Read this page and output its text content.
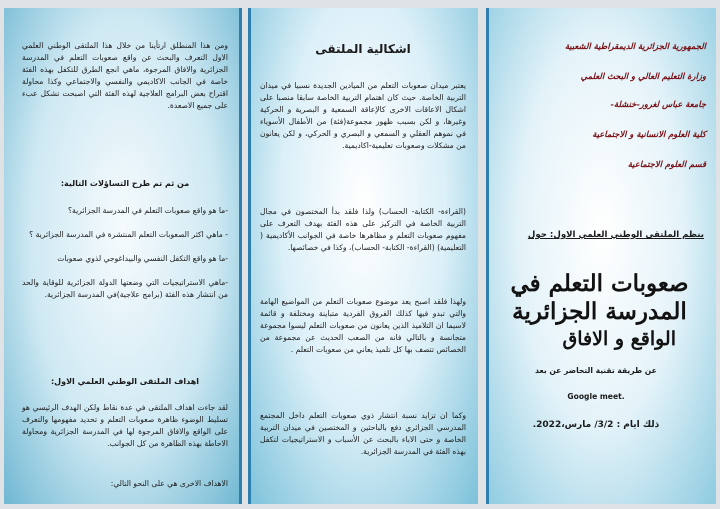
ومن هذا المنطلق ارتأينا من خلال هذا الملتقى الوطني العلمي الاول التعرف والبحث عن واقع صعوبات التعلم في المدرسة الجزائرية والافاق المرجوة، ماهي انجع الطرق للتكفل بهذه الفئة خاصة في الجانب الاكاديمي والنفسي والاجتماعي وكذا محاولة اقتراح بعض البرامج العلاجية لهذه الفئة التي اصبحت تشكل عبء على جميع الاصعدة.

من ثم تم طرح التساؤلات التالية:

-ما هو واقع صعوبات التعلم في المدرسة الجزائرية؟

- ماهي اكثر الصعوبات التعلم المنتشرة في المدرسة الجزائرية ؟

-ما هو واقع التكفل النفسي والبيداغوجي لذوي صعوبات

-ماهي الاستراتيجيات التي وضعتها الدولة الجزائرية للوقاية والحد من انتشار هذه الفئة (برامج علاجية)في المدرسة الجزائرية.

اهداف الملتقى الوطني العلمي الاول:

لقد جاءت اهداف الملتقى في عدة نقاط ولكن الهدف الرئيسي هو تسليط الوضوء ظاهرة صعوبات التعلم و تحديد مفهومها والتعرف على الواقع والافاق المرجوة لها في المدرسة الجزائرية ومحاولة الاحاطة بهذه الظاهرة من كل الجوانب.

الاهداف الاخرى هي على النحو التالي:

اشكالية الملتقى

يعتبر ميدان صعوبات التعلم من الميادين الجديدة نسبيا في ميدان التربية الخاصة. حيث كان اهتمام التربية الخاصة سابقا منصبا على اشكال الاعاقات الاخرى كالإعاقة السمعية و البصرية و الحركية وغيرها، و لكن بسبب ظهور مجموعة(فئة) من الأطفال الأسوياء في نموهم العقلي و السمعي و البصري و الحركي، و لكن يعانون من مشكلات وصعوبات تعليمية-اكاديمية.

(القراءة- الكتابة- الحساب) ولذا فلقد بدأ المختصون في مجال التربية الخاصة في التركيز على هذه الفئة بهدف التعرف على مفهوم صعوبات التعلم و مظاهرها خاصة في الجوانب الأكاديمية ( التعليمية) (القراءة- الكتابة- الحساب)، وكذا في خصائصها.

ولهذا فلقد اصبح يعد موضوع صعوبات التعلم من المواضيع الهامة والتي تبدو فيها كذلك الفروق الفردية متباينة ومختلفة و قائمة لاسيما ان التلاميذ الذين يعانون من صعوبات التعلم ليسوا مجموعة متجانسة و بالتالي فانه من الصعب الحديث عن مجموعة من الخصائص تتصف بها كل تلميذ يعاني من صعوبات التعلم .

وكما ان تزايد نسبة انتشار ذوي صعوبات التعلم داخل المجتمع المدرسي الجزائري دفع بالباحثين و المختصين في ميدان التربية الخاصة و حتى الاباء بالبحث عن الأسباب و الاستراتيجيات لتكفل بهذه الفئة في المدرسة الجزائرية.

الجمهورية الجزائرية الديمقراطية الشعبية
وزارة التعليم العالي و البحث العلمي
جامعة عباس لغرور-خنشلة-
كلية العلوم الانسانية و الاجتماعية
قسم العلوم الاجتماعية
ينظم الملتقى الوطني العلمي الاول: حول
صعوبات التعلم في المدرسة الجزائرية
الواقع و الافاق
عن طريقة تقنية التحاضر عن بعد
Google meet.
ذلك ايام : 3/2/ مارس،2022.
